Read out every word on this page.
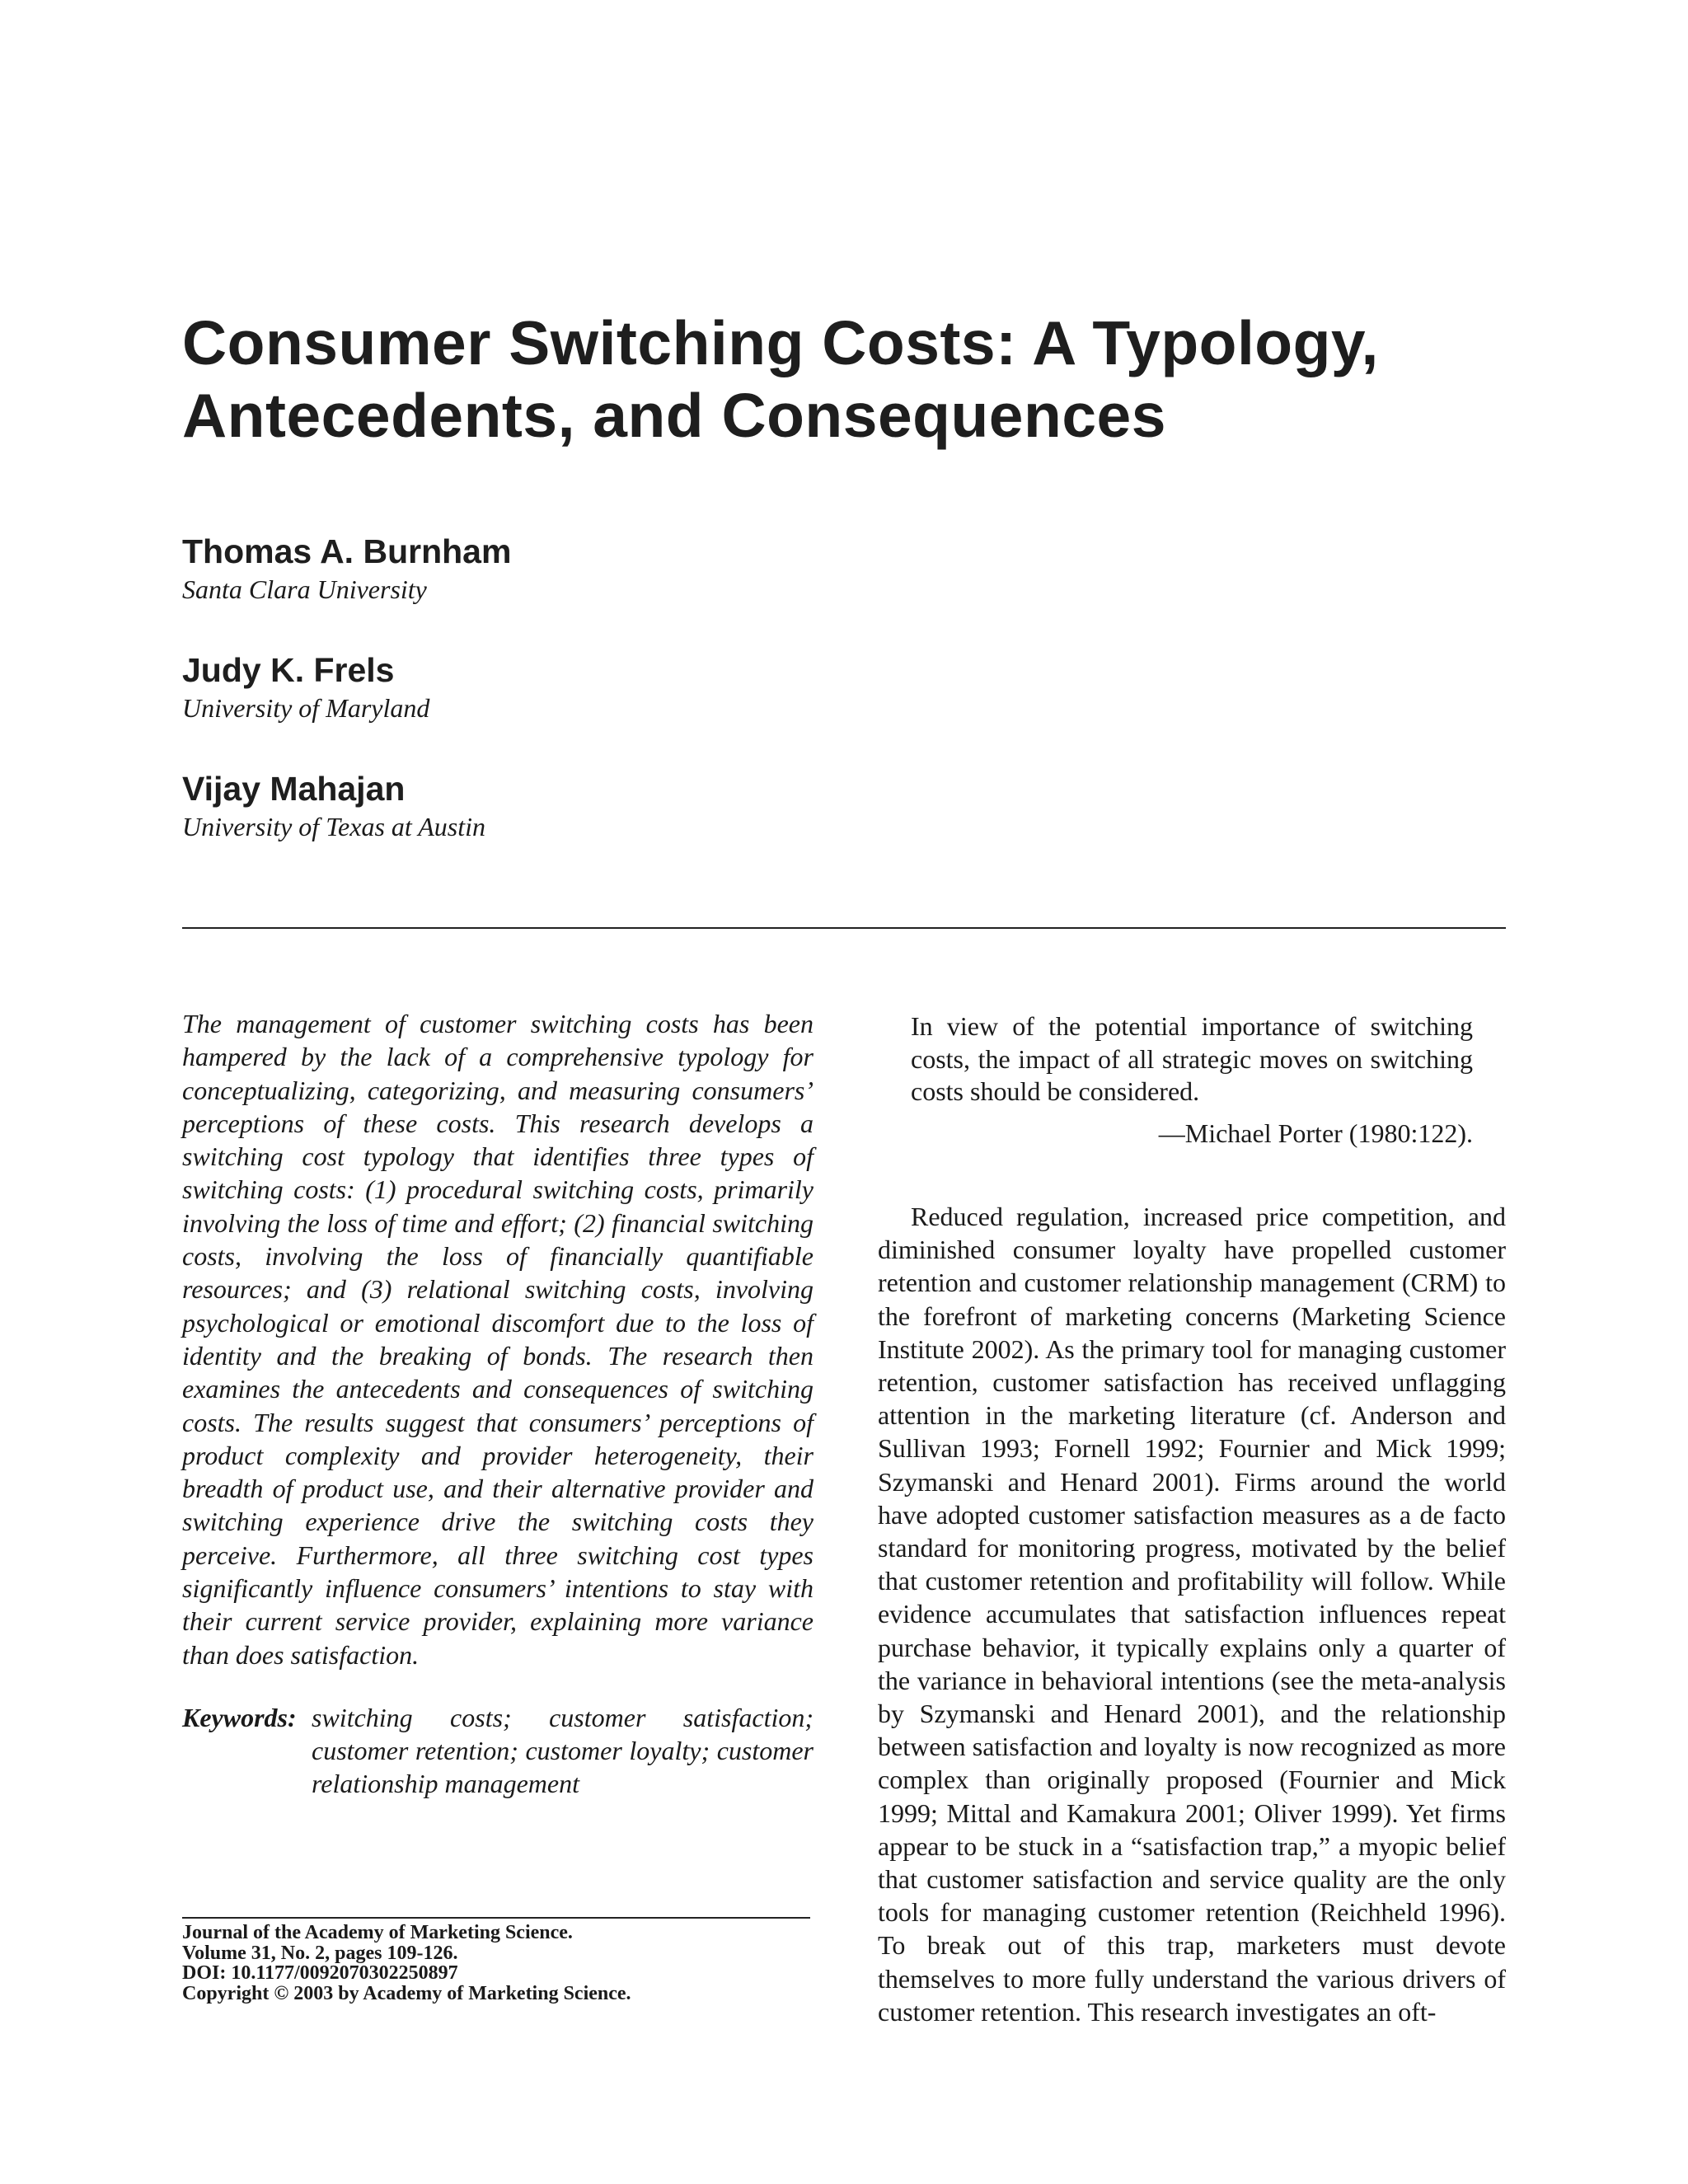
Consumer Switching Costs: A Typology,
Antecedents, and Consequences
Thomas A. Burnham
Santa Clara University
Judy K. Frels
University of Maryland
Vijay Mahajan
University of Texas at Austin

The management of customer switching costs has been hampered by the lack of a comprehensive typology for conceptualizing, categorizing, and measuring consumers’ perceptions of these costs. This research develops a switching cost typology that identifies three types of switching costs: (1) procedural switching costs, primarily involving the loss of time and effort; (2) financial switching costs, involving the loss of financially quantifiable resources; and (3) relational switching costs, involving psychological or emotional discomfort due to the loss of identity and the breaking of bonds. The research then examines the antecedents and consequences of switching costs. The results suggest that consumers’ perceptions of product complexity and provider heterogeneity, their breadth of product use, and their alternative provider and switching experience drive the switching costs they perceive. Furthermore, all three switching cost types significantly influence consumers’ intentions to stay with their current service provider, explaining more variance than does satisfaction.

Keywords: switching costs; customer satisfaction; customer retention; customer loyalty; customer relationship management

Journal of the Academy of Marketing Science.
Volume 31, No. 2, pages 109-126.
DOI: 10.1177/0092070302250897
Copyright © 2003 by Academy of Marketing Science.

In view of the potential importance of switching costs, the impact of all strategic moves on switching costs should be considered.

—Michael Porter (1980:122).

Reduced regulation, increased price competition, and diminished consumer loyalty have propelled customer retention and customer relationship management (CRM) to the forefront of marketing concerns (Marketing Science Institute 2002). As the primary tool for managing customer retention, customer satisfaction has received unflagging attention in the marketing literature (cf. Anderson and Sullivan 1993; Fornell 1992; Fournier and Mick 1999; Szymanski and Henard 2001). Firms around the world have adopted customer satisfaction measures as a de facto standard for monitoring progress, motivated by the belief that customer retention and profitability will follow. While evidence accumulates that satisfaction influences repeat purchase behavior, it typically explains only a quarter of the variance in behavioral intentions (see the meta-analysis by Szymanski and Henard 2001), and the relationship between satisfaction and loyalty is now recognized as more complex than originally proposed (Fournier and Mick 1999; Mittal and Kamakura 2001; Oliver 1999). Yet firms appear to be stuck in a “satisfaction trap,” a myopic belief that customer satisfaction and service quality are the only tools for managing customer retention (Reichheld 1996). To break out of this trap, marketers must devote themselves to more fully understand the various drivers of customer retention. This research investigates an oft-
